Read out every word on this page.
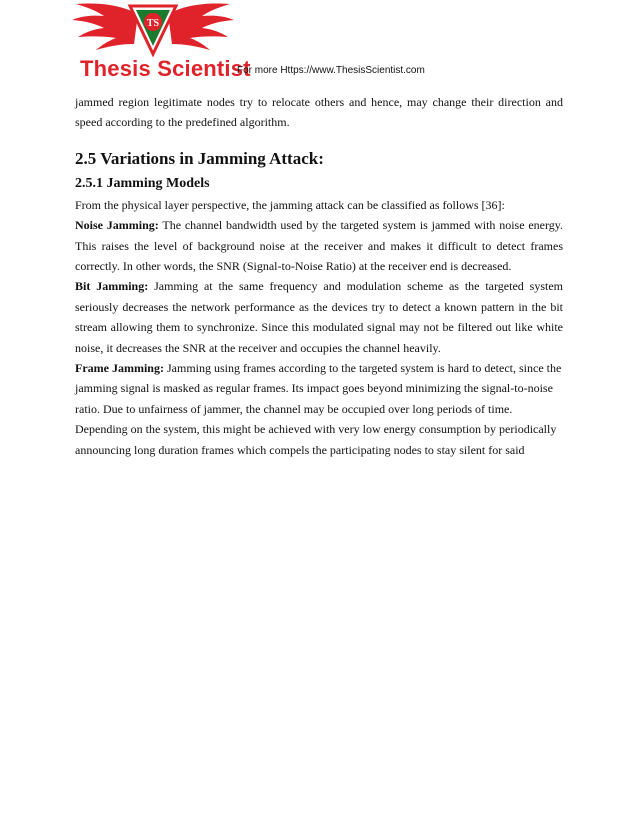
TS
Thesis Scientist
For more Https://www.ThesisScientist.com

jammed region legitimate nodes try to relocate others and hence, may change their direction and speed according to the predefined algorithm.

2.5 Variations in Jamming Attack:
2.5.1 Jamming Models

From the physical layer perspective, the jamming attack can be classified as follows [36]:

Noise Jamming: The channel bandwidth used by the targeted system is jammed with noise energy. This raises the level of background noise at the receiver and makes it difficult to detect frames correctly. In other words, the SNR (Signal-to-Noise Ratio) at the receiver end is decreased.

Bit Jamming: Jamming at the same frequency and modulation scheme as the targeted system seriously decreases the network performance as the devices try to detect a known pattern in the bit stream allowing them to synchronize. Since this modulated signal may not be filtered out like white noise, it decreases the SNR at the receiver and occupies the channel heavily.

Frame Jamming: Jamming using frames according to the targeted system is hard to detect, since the jamming signal is masked as regular frames. Its impact goes beyond minimizing the signal-to-noise ratio. Due to unfairness of jammer, the channel may be occupied over long periods of time. Depending on the system, this might be achieved with very low energy consumption by periodically announcing long duration frames which compels the participating nodes to stay silent for said
